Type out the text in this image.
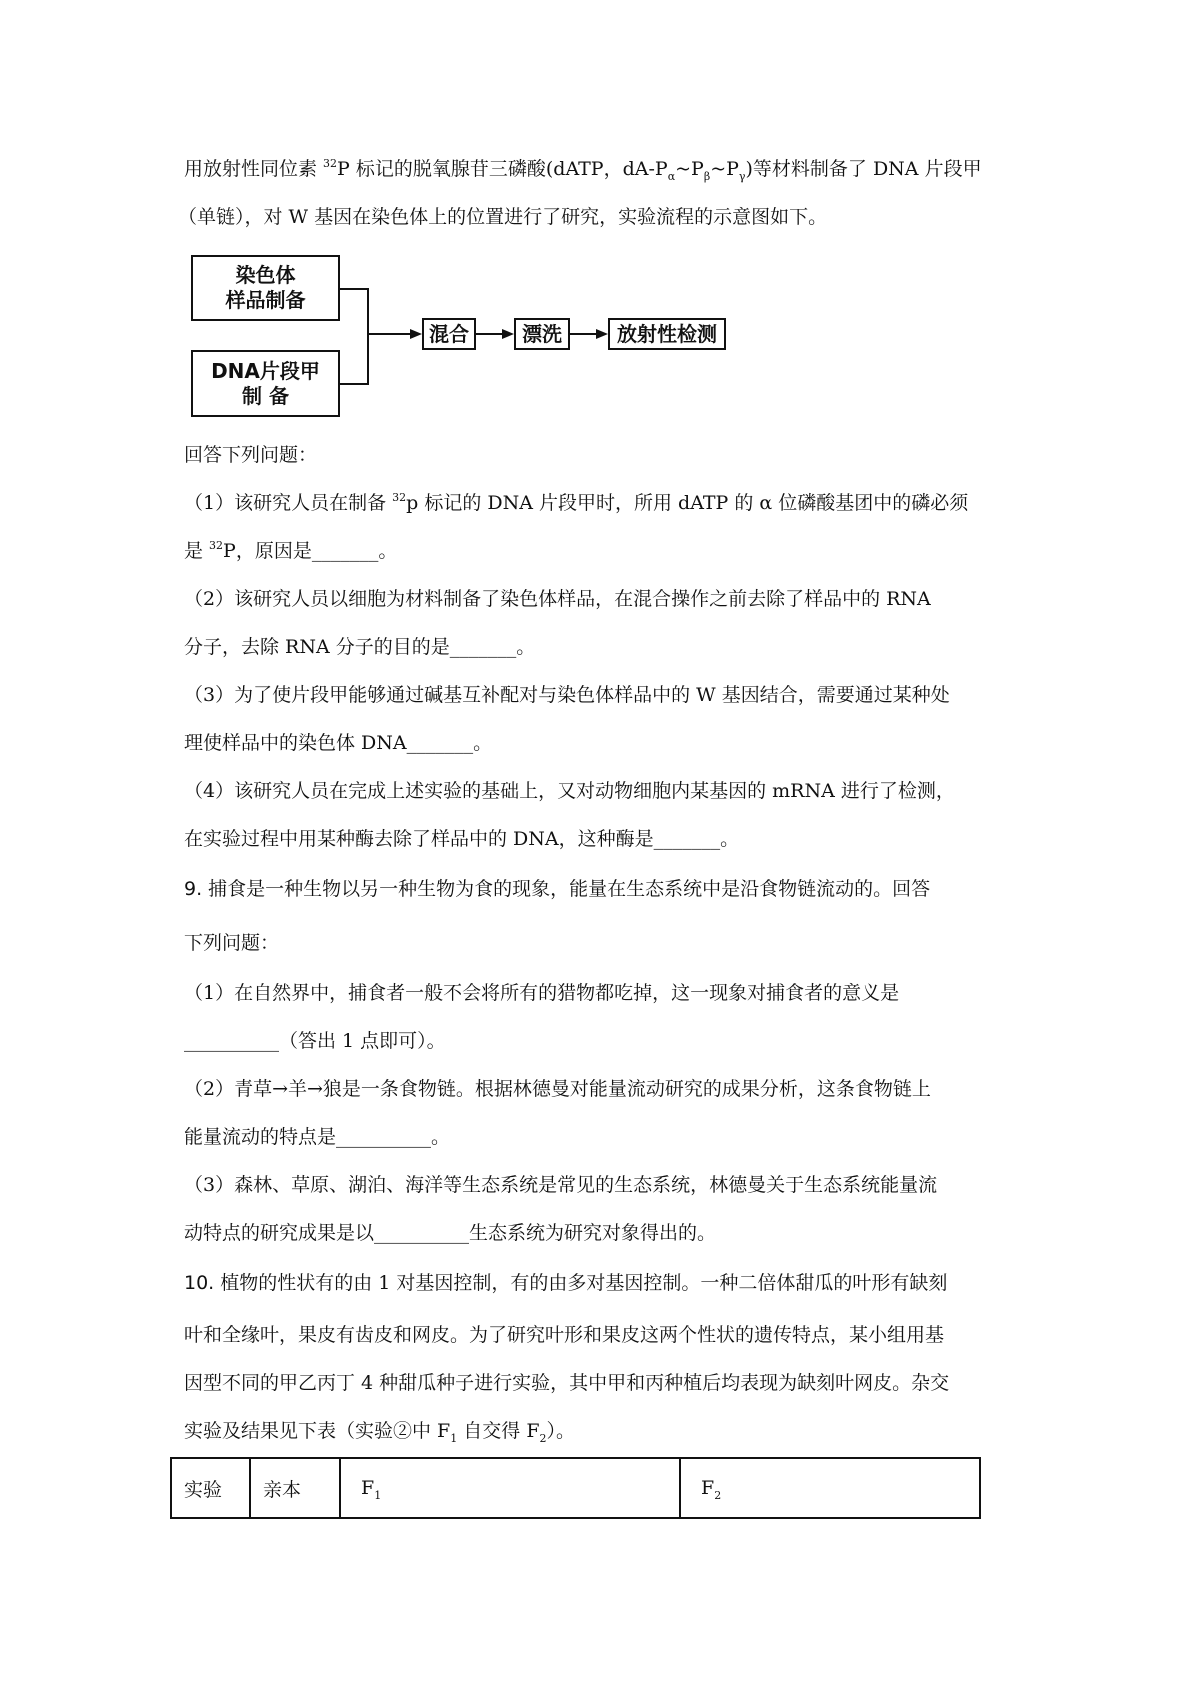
用放射性同位素 $^{32}$P 标记的脱氧腺苷三磷酸(dATP，$dA-P_\alpha\sim P_\beta\sim P_\gamma$)等材料制备了 DNA 片段甲
（单链），对 W 基因在染色体上的位置进行了研究，实验流程的示意图如下。
染色体
样品制备
DNA片段甲
制 备
混合	漂洗	放射性检测
回答下列问题：
（1）该研究人员在制备 $^{32}$p 标记的 DNA 片段甲时，所用 dATP 的 α 位磷酸基团中的磷必须
是 $^{32}$P，原因是_______。
（2）该研究人员以细胞为材料制备了染色体样品，在混合操作之前去除了样品中的 RNA
分子，去除 RNA 分子的目的是_______。
（3）为了使片段甲能够通过碱基互补配对与染色体样品中的 W 基因结合，需要通过某种处
理使样品中的染色体 DNA_______。
（4）该研究人员在完成上述实验的基础上，又对动物细胞内某基因的 mRNA 进行了检测，
在实验过程中用某种酶去除了样品中的 DNA，这种酶是_______。
9. 捕食是一种生物以另一种生物为食的现象，能量在生态系统中是沿食物链流动的。回答
下列问题：
（1）在自然界中，捕食者一般不会将所有的猎物都吃掉，这一现象对捕食者的意义是
__________（答出 1 点即可）。
（2）青草→羊→狼是一条食物链。根据林德曼对能量流动研究的成果分析，这条食物链上
能量流动的特点是__________。
（3）森林、草原、湖泊、海洋等生态系统是常见的生态系统，林德曼关于生态系统能量流
动特点的研究成果是以__________生态系统为研究对象得出的。
10. 植物的性状有的由 1 对基因控制，有的由多对基因控制。一种二倍体甜瓜的叶形有缺刻
叶和全缘叶，果皮有齿皮和网皮。为了研究叶形和果皮这两个性状的遗传特点，某小组用基
因型不同的甲乙丙丁 4 种甜瓜种子进行实验，其中甲和丙种植后均表现为缺刻叶网皮。杂交
实验及结果见下表（实验②中 $F_1$ 自交得 $F_2$）。
实验	亲本	$F_1$	$F_2$
